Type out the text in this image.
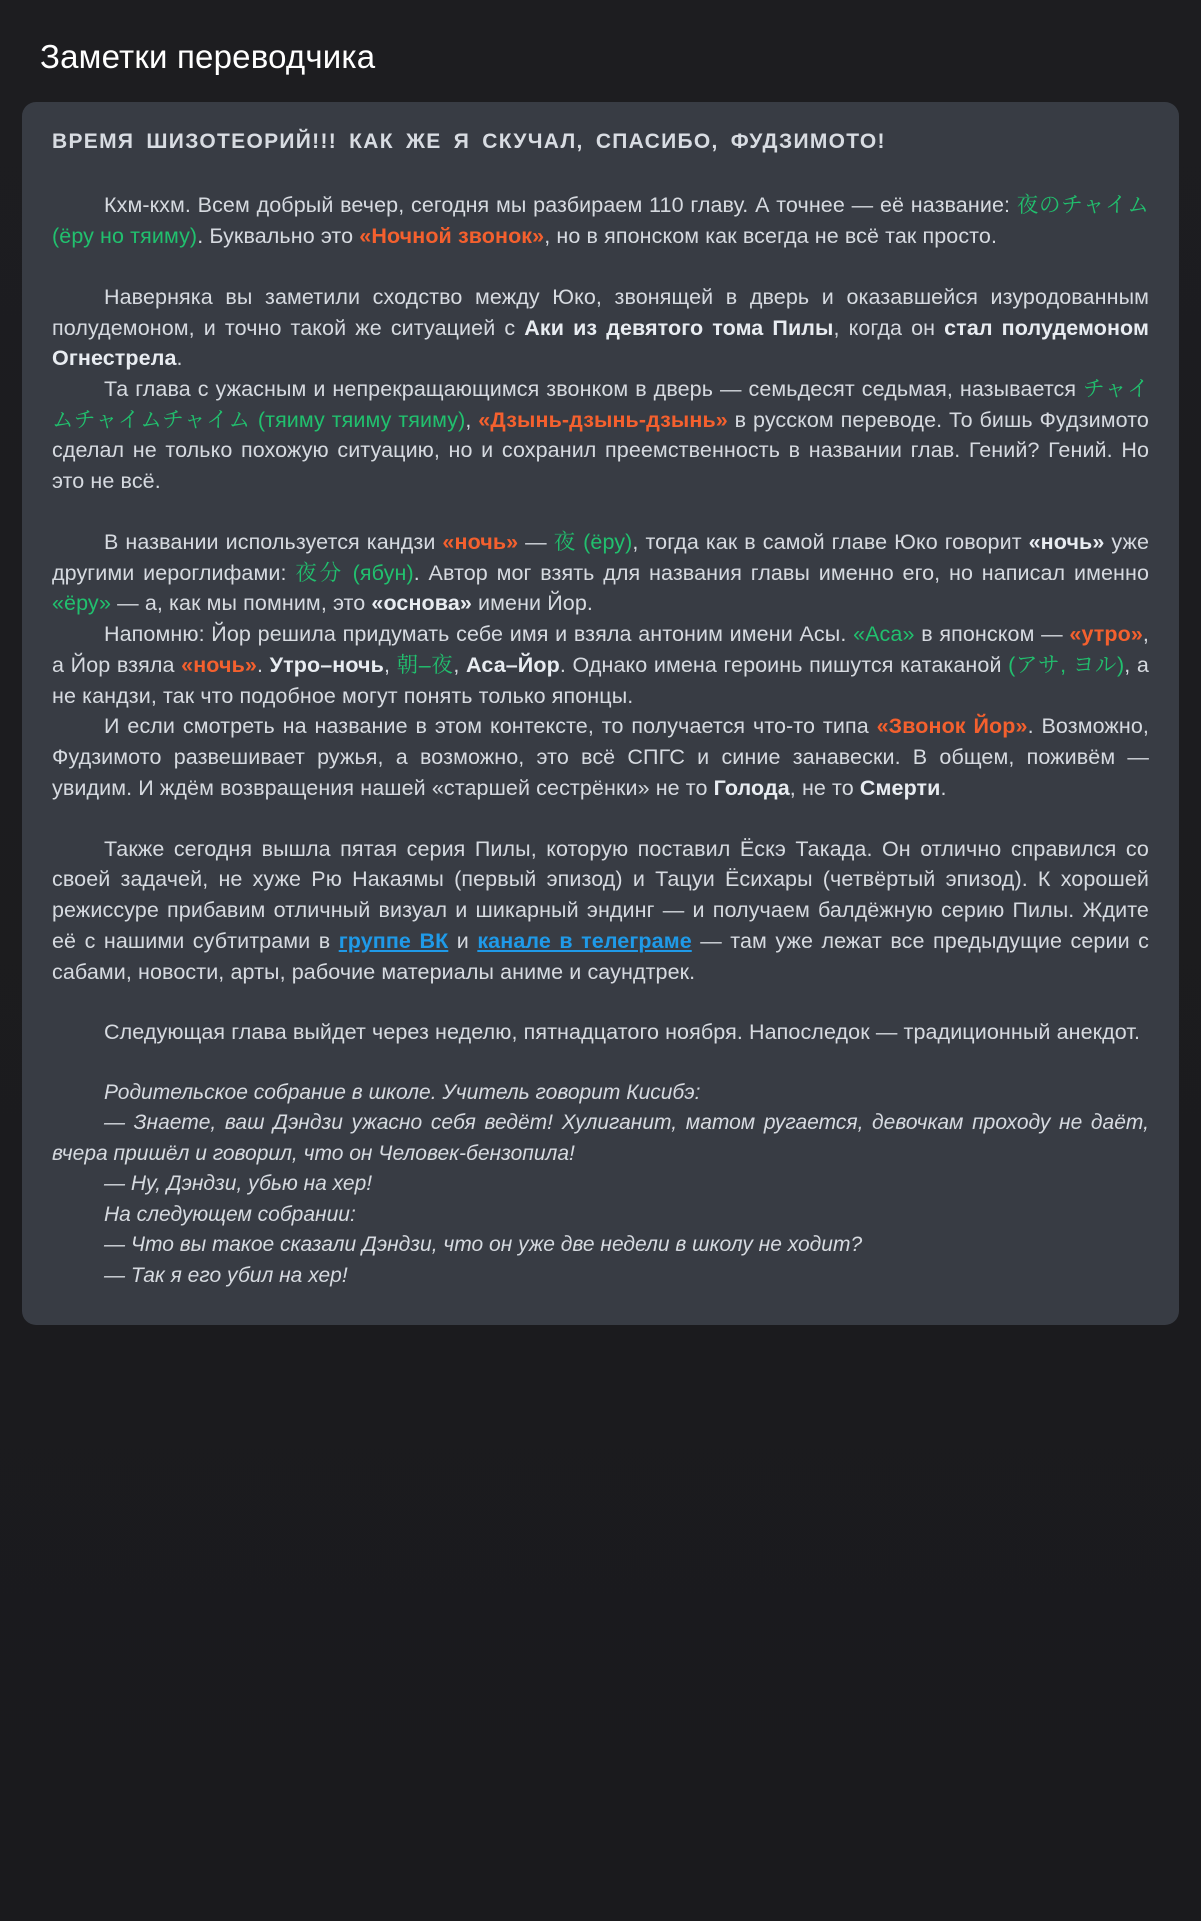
Заметки переводчика
ВРЕМЯ ШИЗОТЕОРИЙ!!! КАК ЖЕ Я СКУЧАЛ, СПАСИБО, ФУДЗИМОТО!

Кхм-кхм. Всем добрый вечер, сегодня мы разбираем 110 главу. А точнее — её название: 夜のチャイム (ёру но тяиму). Буквально это «Ночной звонок», но в японском как всегда не всё так просто.

Наверняка вы заметили сходство между Юко, звонящей в дверь и оказавшейся изуродованным полудемоном, и точно такой же ситуацией с Аки из девятого тома Пилы, когда он стал полудемоном Огнестрела.

Та глава с ужасным и непрекращающимся звонком в дверь — семьдесят седьмая, называется チャイムチャイムチャイム (тяиму тяиму тяиму), «Дзынь-дзынь-дзынь» в русском переводе. То бишь Фудзимото сделал не только похожую ситуацию, но и сохранил преемственность в названии глав. Гений? Гений. Но это не всё.

В названии используется кандзи «ночь» — 夜 (ёру), тогда как в самой главе Юко говорит «ночь» уже другими иероглифами: 夜分 (ябун). Автор мог взять для названия главы именно его, но написал именно «ёру» — а, как мы помним, это «основа» имени Йор.

Напомню: Йор решила придумать себе имя и взяла антоним имени Асы. «Аса» в японском — «утро», а Йор взяла «ночь». Утро–ночь, 朝–夜, Аса–Йор. Однако имена героинь пишутся катаканой (アサ, ヨル), а не кандзи, так что подобное могут понять только японцы.

И если смотреть на название в этом контексте, то получается что-то типа «Звонок Йор». Возможно, Фудзимото развешивает ружья, а возможно, это всё СПГС и синие занавески. В общем, поживём — увидим. И ждём возвращения нашей «старшей сестрёнки» не то Голода, не то Смерти.

Также сегодня вышла пятая серия Пилы, которую поставил Ёскэ Такада. Он отлично справился со своей задачей, не хуже Рю Накаямы (первый эпизод) и Тацуи Ёсихары (четвёртый эпизод). К хорошей режиссуре прибавим отличный визуал и шикарный эндинг — и получаем балдёжную серию Пилы. Ждите её с нашими субтитрами в группе ВК и канале в телеграме — там уже лежат все предыдущие серии с сабами, новости, арты, рабочие материалы аниме и саундтрек.

Следующая глава выйдет через неделю, пятнадцатого ноября. Напоследок — традиционный анекдот.

Родительское собрание в школе. Учитель говорит Кисибэ:

— Знаете, ваш Дэндзи ужасно себя ведёт! Хулиганит, матом ругается, девочкам проходу не даёт, вчера пришёл и говорил, что он Человек-бензопила!

— Ну, Дэндзи, убью на хер!

На следующем собрании:

— Что вы такое сказали Дэндзи, что он уже две недели в школу не ходит?

— Так я его убил на хер!
